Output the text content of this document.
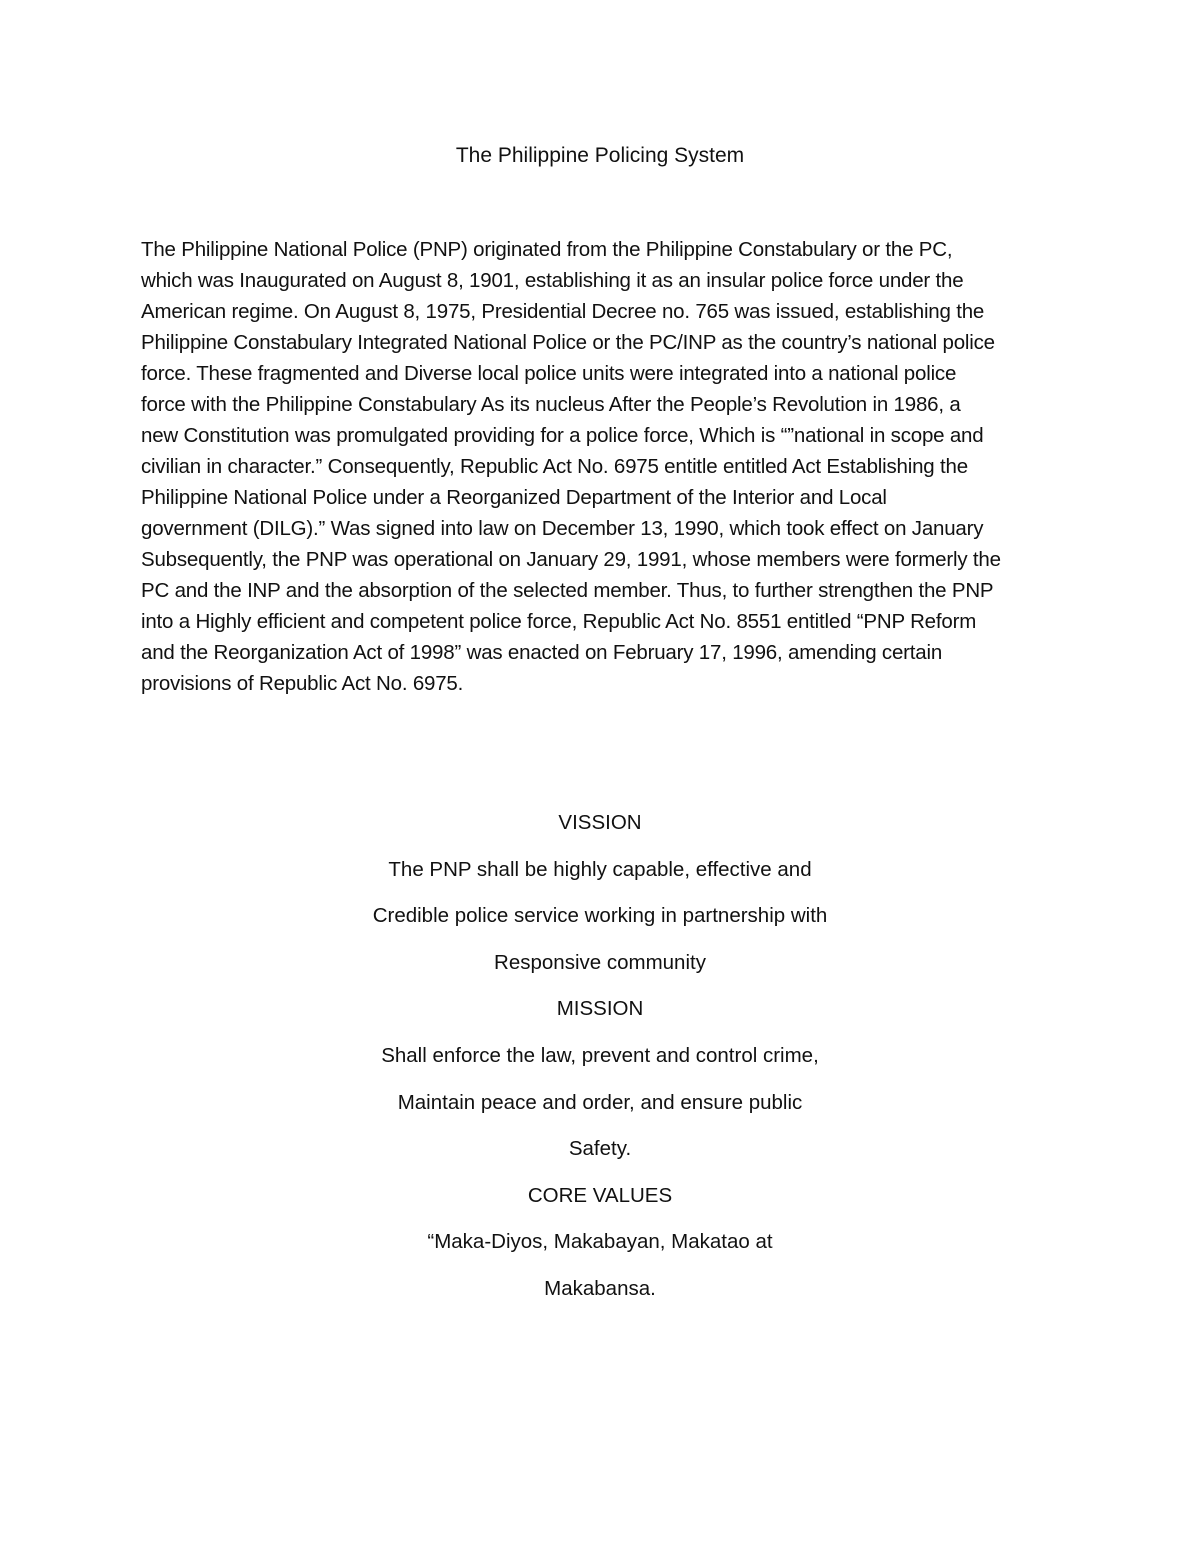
The Philippine Policing System

The Philippine National Police (PNP) originated from the Philippine Constabulary or the PC,
which was Inaugurated on August 8, 1901, establishing it as an insular police force under the
American regime. On August 8, 1975, Presidential Decree no. 765 was issued, establishing the
Philippine Constabulary Integrated National Police or the PC/INP as the country’s national police
force. These fragmented and Diverse local police units were integrated into a national police
force with the Philippine Constabulary As its nucleus After the People’s Revolution in 1986, a
new Constitution was promulgated providing for a police force, Which is “”national in scope and
civilian in character.” Consequently, Republic Act No. 6975 entitle entitled Act Establishing the
Philippine National Police under a Reorganized Department of the Interior and Local
government (DILG).” Was signed into law on December 13, 1990, which took effect on January
Subsequently, the PNP was operational on January 29, 1991, whose members were formerly the
PC and the INP and the absorption of the selected member. Thus, to further strengthen the PNP
into a Highly efficient and competent police force, Republic Act No. 8551 entitled “PNP Reform
and the Reorganization Act of 1998” was enacted on February 17, 1996, amending certain
provisions of Republic Act No. 6975.

VISSION
The PNP shall be highly capable, effective and
Credible police service working in partnership with
Responsive community
MISSION
Shall enforce the law, prevent and control crime,
Maintain peace and order, and ensure public
Safety.
CORE VALUES
“Maka-Diyos, Makabayan, Makatao at
Makabansa.
